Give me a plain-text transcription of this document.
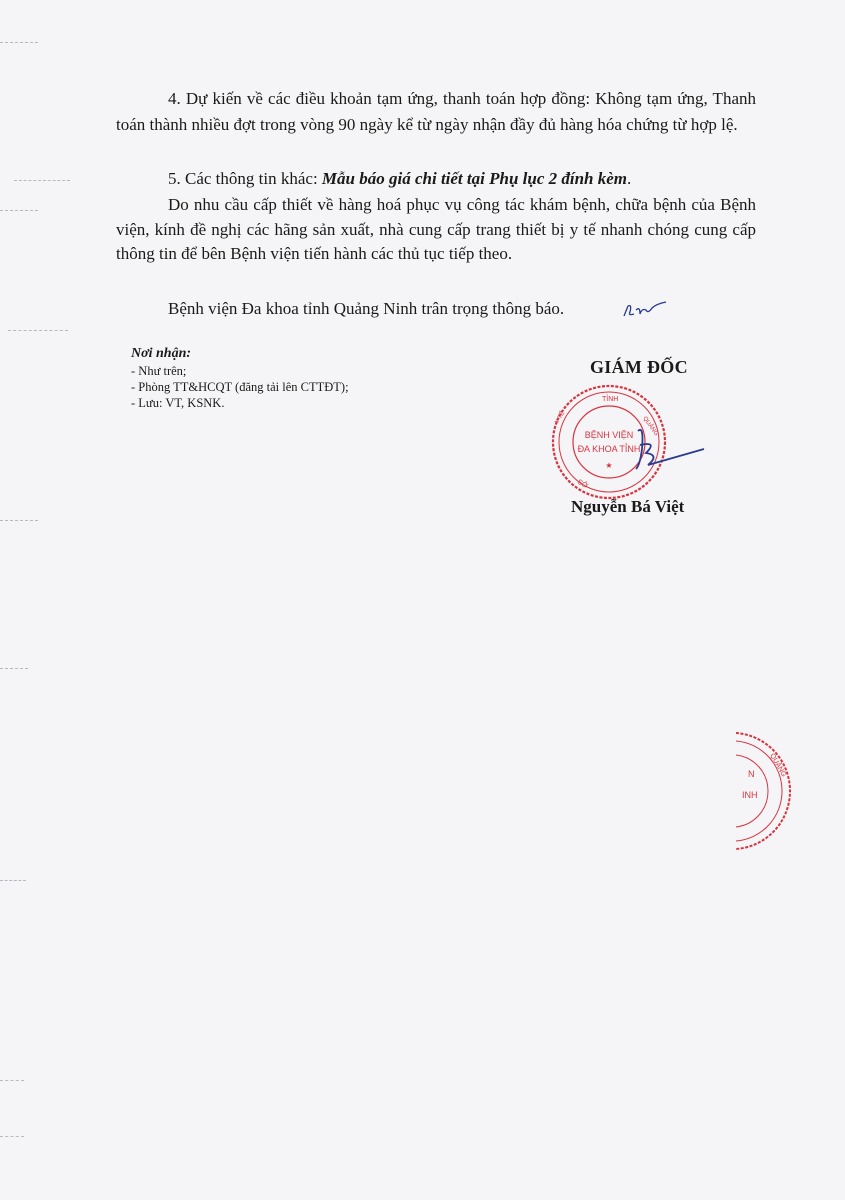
4. Dự kiến về các điều khoản tạm ứng, thanh toán hợp đồng: Không tạm ứng, Thanh toán thành nhiều đợt trong vòng 90 ngày kể từ ngày nhận đầy đủ hàng hóa chứng từ hợp lệ.

5. Các thông tin khác: Mẫu báo giá chi tiết tại Phụ lục 2 đính kèm.

Do nhu cầu cấp thiết về hàng hoá phục vụ công tác khám bệnh, chữa bệnh của Bệnh viện, kính đề nghị các hãng sản xuất, nhà cung cấp trang thiết bị y tế nhanh chóng cung cấp thông tin để bên Bệnh viện tiến hành các thủ tục tiếp theo.

Bệnh viện Đa khoa tỉnh Quảng Ninh trân trọng thông báo.

Nơi nhận:
- Như trên;
- Phòng TT&HCQT (đăng tải lên CTTĐT);
- Lưu: VT, KSNK.	TỈNH
QUẢNG
Y TẾ
SỞ
BỆNH VIỆN
ĐA KHOA TỈNH
★
GIÁM ĐỐC
Nguyễn Bá Việt
QUẢNG
N
INH
